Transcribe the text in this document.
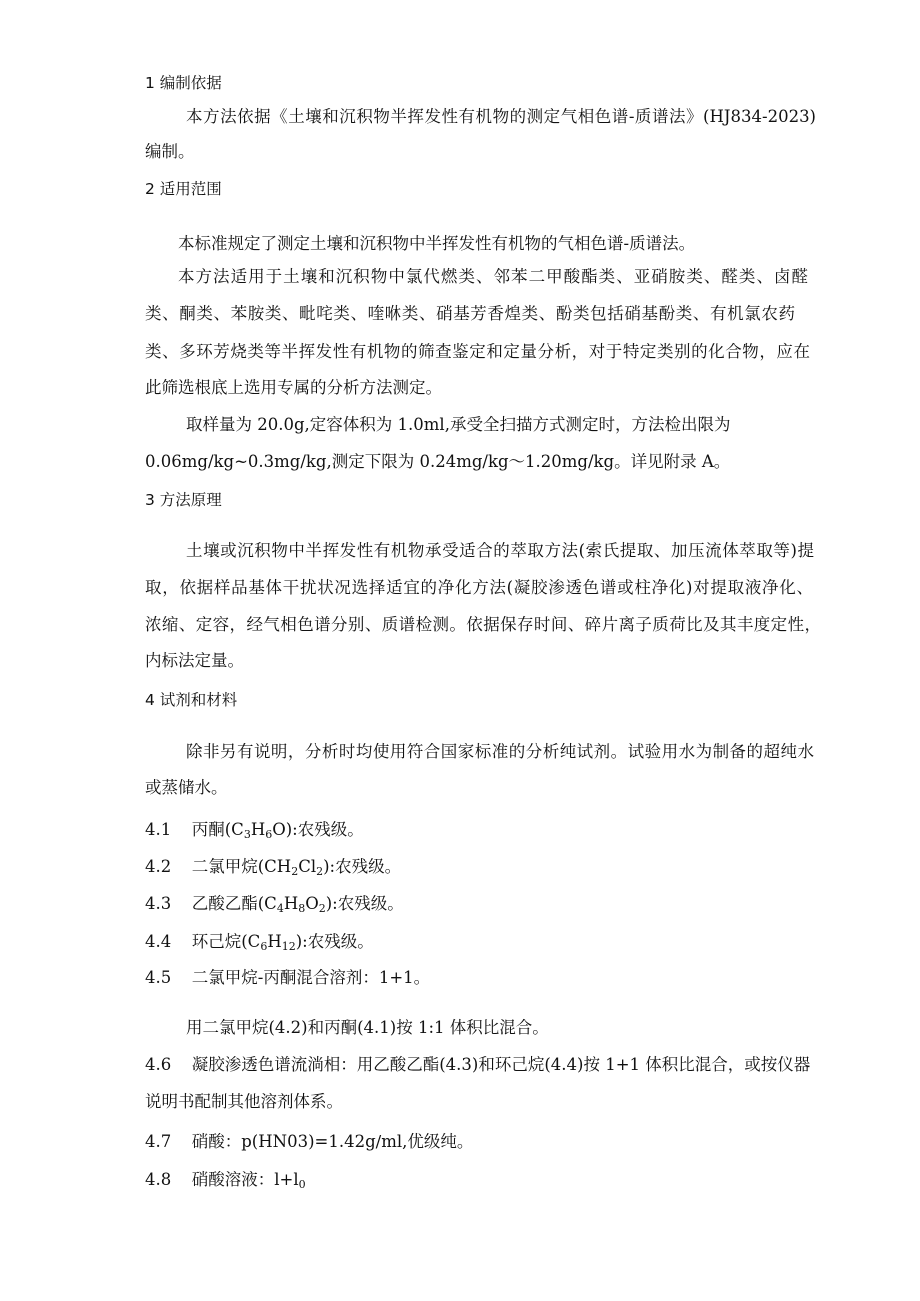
1 编制依据
本方法依据《土壤和沉积物半挥发性有机物的测定气相色谱-质谱法》(HJ834-2023)
编制。
2 适用范围
本标准规定了测定土壤和沉积物中半挥发性有机物的气相色谱-质谱法。
本方法适用于土壤和沉积物中氯代燃类、邻苯二甲酸酯类、亚硝胺类、醛类、卤醛
类、酮类、苯胺类、毗咤类、喹咻类、硝基芳香煌类、酚类包括硝基酚类、有机氯农药
类、多环芳烧类等半挥发性有机物的筛查鉴定和定量分析，对于特定类别的化合物，应在
此筛选根底上选用专属的分析方法测定。
取样量为 20.0g,定容体积为 1.0ml,承受全扫描方式测定时，方法检出限为
0.06mg/kg~0.3mg/kg,测定下限为 0.24mg/kg～1.20mg/kg。详见附录 A。
3 方法原理
土壤或沉积物中半挥发性有机物承受适合的萃取方法(索氏提取、加压流体萃取等)提
取，依据样品基体干扰状况选择适宜的净化方法(凝胶渗透色谱或柱净化)对提取液净化、
浓缩、定容，经气相色谱分别、质谱检测。依据保存时间、碎片离子质荷比及其丰度定性，
内标法定量。
4 试剂和材料
除非另有说明，分析时均使用符合国家标准的分析纯试剂。试验用水为制备的超纯水
或蒸储水。
4.1 丙酮$(C_3H_6O)$:农残级。
4.2 二氯甲烷$(CH_2Cl_2)$:农残级。
4.3 乙酸乙酯$(C_4H_8O_2)$:农残级。
4.4 环己烷$(C_6H_{12})$:农残级。
4.5 二氯甲烷-丙酮混合溶剂：1+1。
用二氯甲烷(4.2)和丙酮(4.1)按 1:1 体积比混合。
4.6 凝胶渗透色谱流淌相：用乙酸乙酯(4.3)和环己烷(4.4)按 1+1 体积比混合，或按仪器
说明书配制其他溶剂体系。
4.7 硝酸：p(HN03)=1.42g∕ml,优级纯。
4.8 硝酸溶液：$l+l_0$
